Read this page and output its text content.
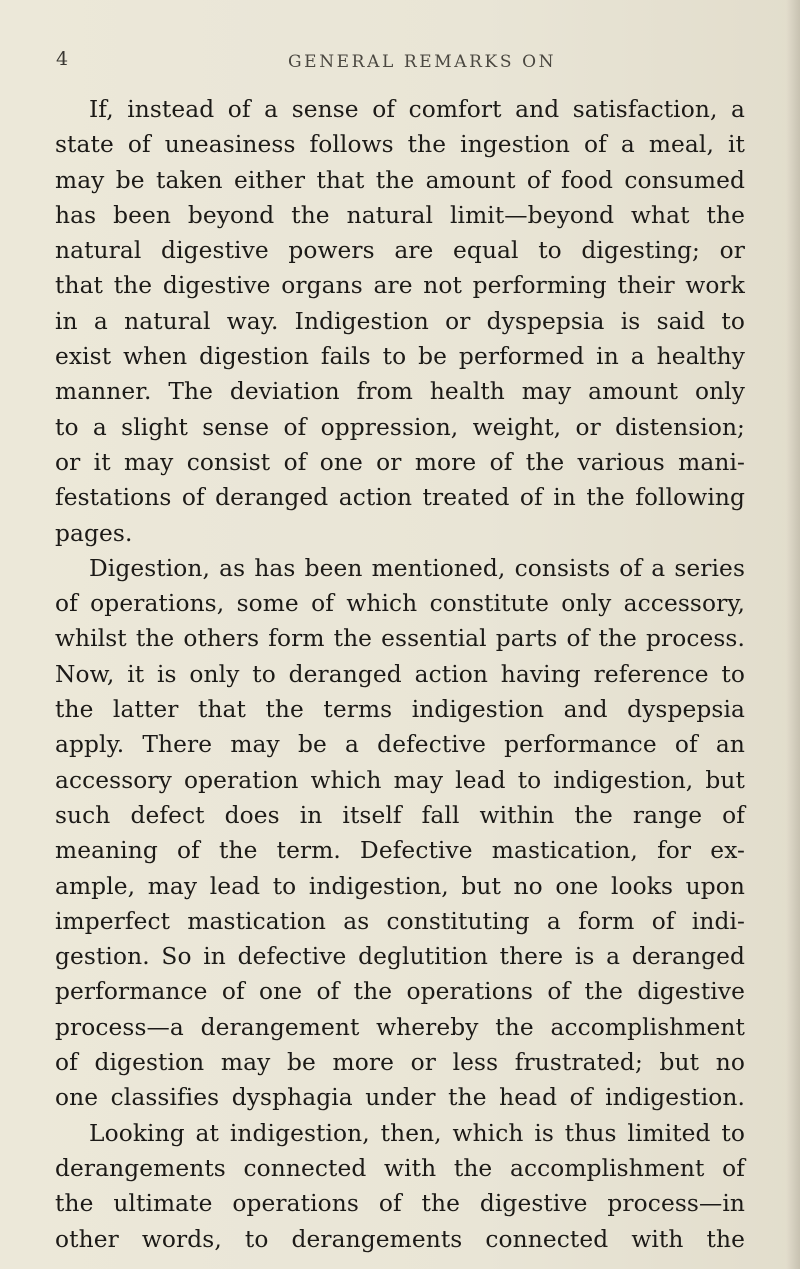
4	GENERAL REMARKS ON
If, instead of a sense of comfort and satisfaction, a
state of uneasiness follows the ingestion of a meal, it
may be taken either that the amount of food consumed
has been beyond the natural limit—beyond what the
natural digestive powers are equal to digesting; or
that the digestive organs are not performing their work
in a natural way. Indigestion or dyspepsia is said to
exist when digestion fails to be performed in a healthy
manner. The deviation from health may amount only
to a slight sense of oppression, weight, or distension;
or it may consist of one or more of the various mani-
festations of deranged action treated of in the following
pages.
Digestion, as has been mentioned, consists of a series
of operations, some of which constitute only accessory,
whilst the others form the essential parts of the process.
Now, it is only to deranged action having reference to
the latter that the terms indigestion and dyspepsia
apply. There may be a defective performance of an
accessory operation which may lead to indigestion, but
such defect does in itself fall within the range of
meaning of the term. Defective mastication, for ex-
ample, may lead to indigestion, but no one looks upon
imperfect mastication as constituting a form of indi-
gestion. So in defective deglutition there is a deranged
performance of one of the operations of the digestive
process—a derangement whereby the accomplishment
of digestion may be more or less frustrated; but no
one classifies dysphagia under the head of indigestion.
Looking at indigestion, then, which is thus limited to
derangements connected with the accomplishment of
the ultimate operations of the digestive process—in
other words, to derangements connected with the
